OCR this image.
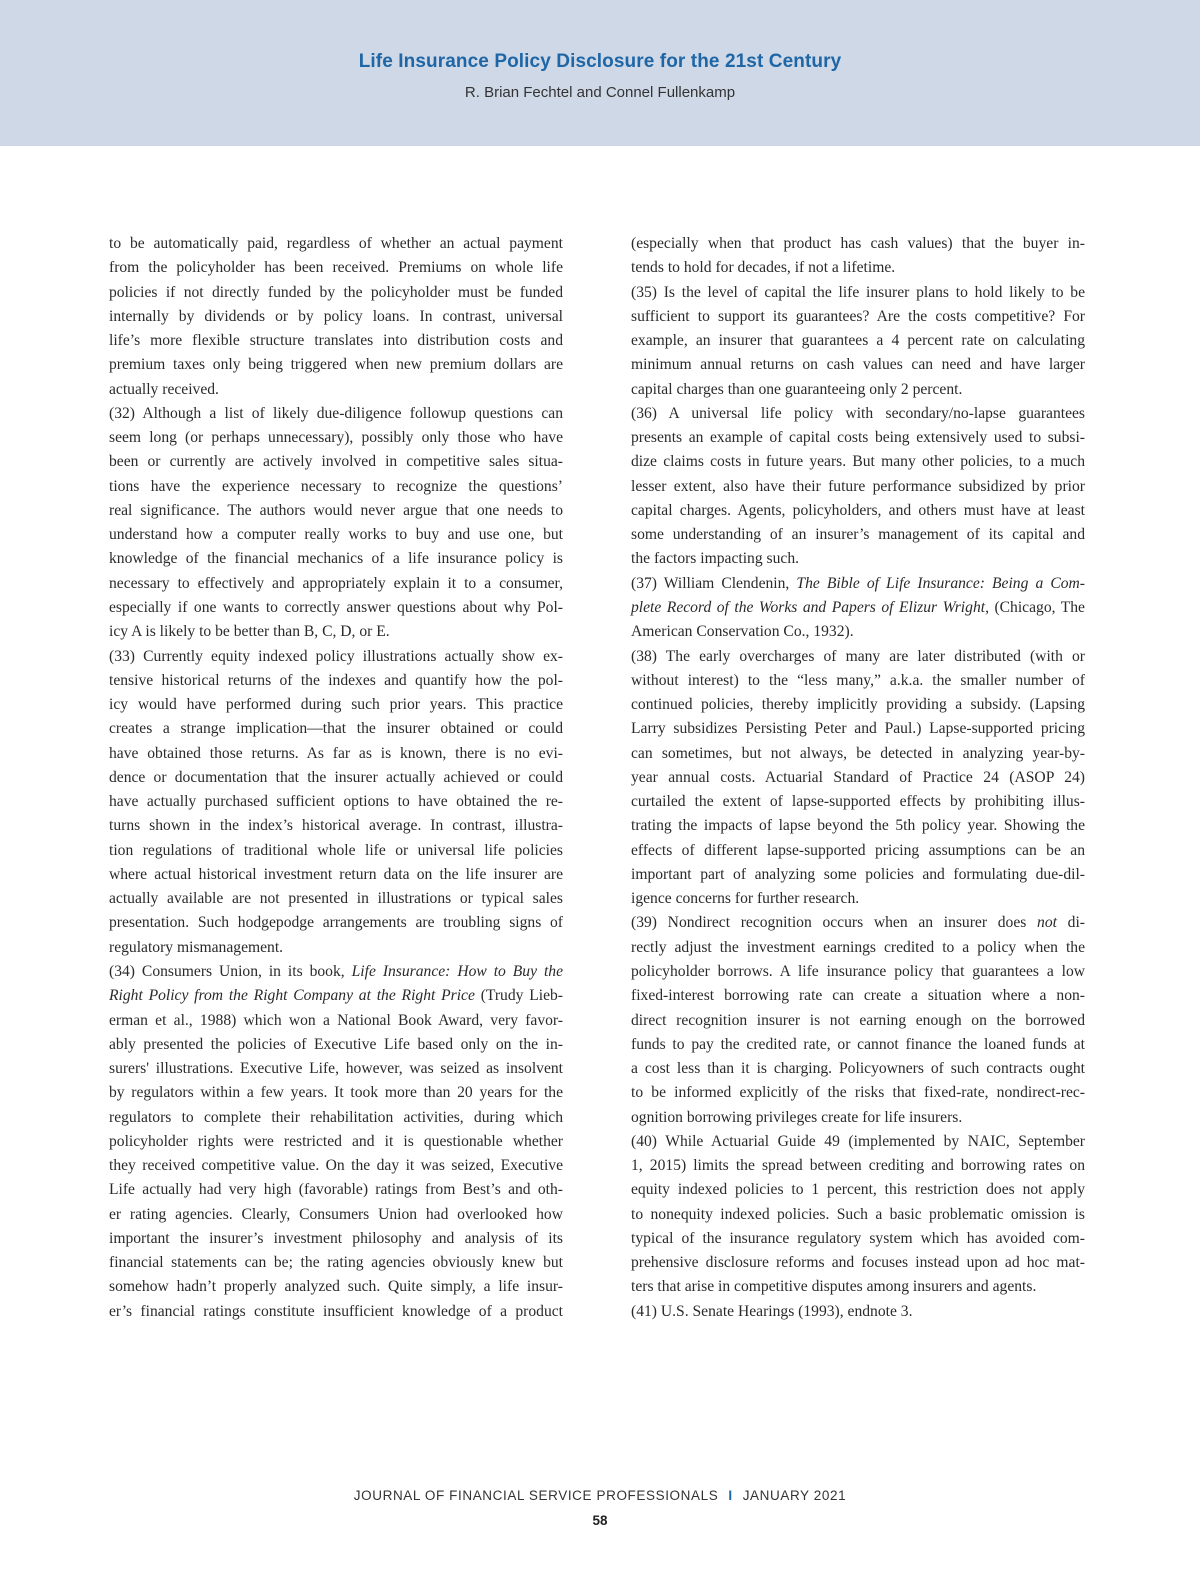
Life Insurance Policy Disclosure for the 21st Century
R. Brian Fechtel and Connel Fullenkamp
to be automatically paid, regardless of whether an actual payment
from the policyholder has been received. Premiums on whole life
policies if not directly funded by the policyholder must be funded
internally by dividends or by policy loans. In contrast, universal
life’s more flexible structure translates into distribution costs and
premium taxes only being triggered when new premium dollars are
actually received.
(32) Although a list of likely due-diligence followup questions can
seem long (or perhaps unnecessary), possibly only those who have
been or currently are actively involved in competitive sales situa-
tions have the experience necessary to recognize the questions’
real significance. The authors would never argue that one needs to
understand how a computer really works to buy and use one, but
knowledge of the financial mechanics of a life insurance policy is
necessary to effectively and appropriately explain it to a consumer,
especially if one wants to correctly answer questions about why Pol-
icy A is likely to be better than B, C, D, or E.
(33) Currently equity indexed policy illustrations actually show ex-
tensive historical returns of the indexes and quantify how the pol-
icy would have performed during such prior years. This practice
creates a strange implication—that the insurer obtained or could
have obtained those returns. As far as is known, there is no evi-
dence or documentation that the insurer actually achieved or could
have actually purchased sufficient options to have obtained the re-
turns shown in the index’s historical average. In contrast, illustra-
tion regulations of traditional whole life or universal life policies
where actual historical investment return data on the life insurer are
actually available are not presented in illustrations or typical sales
presentation. Such hodgepodge arrangements are troubling signs of
regulatory mismanagement.
(34) Consumers Union, in its book, Life Insurance: How to Buy the
Right Policy from the Right Company at the Right Price (Trudy Lieb-
erman et al., 1988) which won a National Book Award, very favor-
ably presented the policies of Executive Life based only on the in-
surers' illustrations. Executive Life, however, was seized as insolvent
by regulators within a few years. It took more than 20 years for the
regulators to complete their rehabilitation activities, during which
policyholder rights were restricted and it is questionable whether
they received competitive value. On the day it was seized, Executive
Life actually had very high (favorable) ratings from Best’s and oth-
er rating agencies. Clearly, Consumers Union had overlooked how
important the insurer’s investment philosophy and analysis of its
financial statements can be; the rating agencies obviously knew but
somehow hadn’t properly analyzed such. Quite simply, a life insur-
er’s financial ratings constitute insufficient knowledge of a product
(especially when that product has cash values) that the buyer in-
tends to hold for decades, if not a lifetime.
(35) Is the level of capital the life insurer plans to hold likely to be
sufficient to support its guarantees? Are the costs competitive? For
example, an insurer that guarantees a 4 percent rate on calculating
minimum annual returns on cash values can need and have larger
capital charges than one guaranteeing only 2 percent.
(36) A universal life policy with secondary/no-lapse guarantees
presents an example of capital costs being extensively used to subsi-
dize claims costs in future years. But many other policies, to a much
lesser extent, also have their future performance subsidized by prior
capital charges. Agents, policyholders, and others must have at least
some understanding of an insurer’s management of its capital and
the factors impacting such.
(37) William Clendenin, The Bible of Life Insurance: Being a Com-
plete Record of the Works and Papers of Elizur Wright, (Chicago, The
American Conservation Co., 1932).
(38) The early overcharges of many are later distributed (with or
without interest) to the “less many,” a.k.a. the smaller number of
continued policies, thereby implicitly providing a subsidy. (Lapsing
Larry subsidizes Persisting Peter and Paul.) Lapse-supported pricing
can sometimes, but not always, be detected in analyzing year-by-
year annual costs. Actuarial Standard of Practice 24 (ASOP 24)
curtailed the extent of lapse-supported effects by prohibiting illus-
trating the impacts of lapse beyond the 5th policy year. Showing the
effects of different lapse-supported pricing assumptions can be an
important part of analyzing some policies and formulating due-dil-
igence concerns for further research.
(39) Nondirect recognition occurs when an insurer does not di-
rectly adjust the investment earnings credited to a policy when the
policyholder borrows. A life insurance policy that guarantees a low
fixed-interest borrowing rate can create a situation where a non-
direct recognition insurer is not earning enough on the borrowed
funds to pay the credited rate, or cannot finance the loaned funds at
a cost less than it is charging. Policyowners of such contracts ought
to be informed explicitly of the risks that fixed-rate, nondirect-rec-
ognition borrowing privileges create for life insurers.
(40) While Actuarial Guide 49 (implemented by NAIC, September
1, 2015) limits the spread between crediting and borrowing rates on
equity indexed policies to 1 percent, this restriction does not apply
to nonequity indexed policies. Such a basic problematic omission is
typical of the insurance regulatory system which has avoided com-
prehensive disclosure reforms and focuses instead upon ad hoc mat-
ters that arise in competitive disputes among insurers and agents.
(41) U.S. Senate Hearings (1993), endnote 3.
JOURNAL OF FINANCIAL SERVICE PROFESSIONALS I JANUARY 2021
58
